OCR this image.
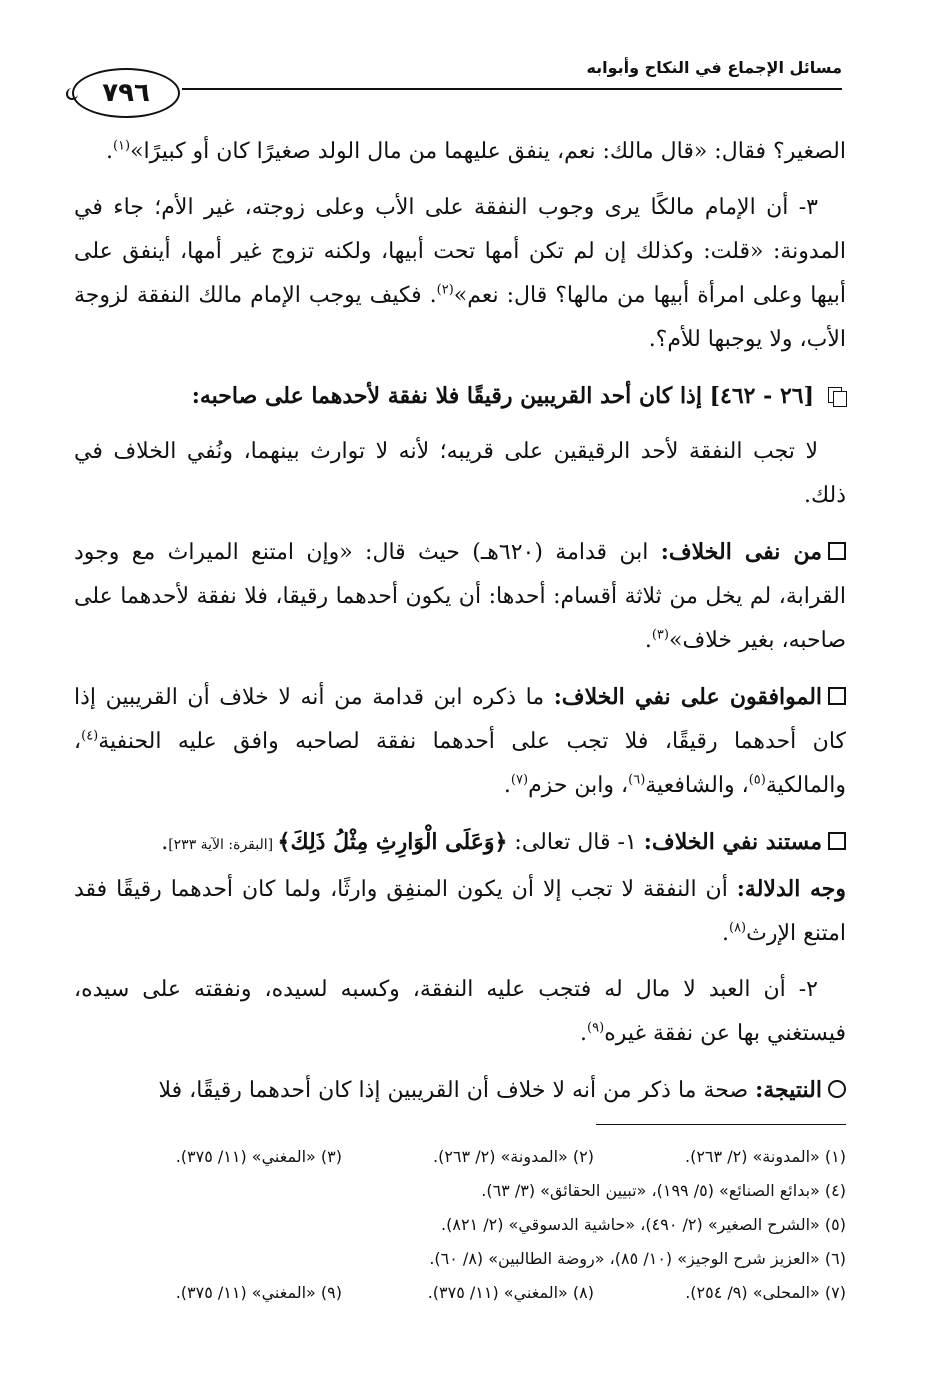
مسائل الإجماع في النكاح وأبوابه
٧٩٦

الصغير؟ فقال: «قال مالك: نعم، ينفق عليهما من مال الولد صغيرًا كان أو كبيرًا»$^{(١)}$.

٣- أن الإمام مالكًا يرى وجوب النفقة على الأب وعلى زوجته، غير الأم؛ جاء في المدونة: «قلت: وكذلك إن لم تكن أمها تحت أبيها، ولكنه تزوج غير أمها، أينفق على أبيها وعلى امرأة أبيها من مالها؟ قال: نعم»$^{(٢)}$. فكيف يوجب الإمام مالك النفقة لزوجة الأب، ولا يوجبها للأم؟.

[٢٦ - ٤٦٢] إذا كان أحد القريبين رقيقًا فلا نفقة لأحدهما على صاحبه:

لا تجب النفقة لأحد الرقيقين على قريبه؛ لأنه لا توارث بينهما، ونُفي الخلاف في ذلك.

من نفى الخلاف: ابن قدامة (٦٢٠هـ) حيث قال: «وإن امتنع الميراث مع وجود القرابة، لم يخل من ثلاثة أقسام: أحدها: أن يكون أحدهما رقيقا، فلا نفقة لأحدهما على صاحبه، بغير خلاف»$^{(٣)}$.

الموافقون على نفي الخلاف: ما ذكره ابن قدامة من أنه لا خلاف أن القريبين إذا كان أحدهما رقيقًا، فلا تجب على أحدهما نفقة لصاحبه وافق عليه الحنفية$^{(٤)}$، والمالكية$^{(٥)}$، والشافعية$^{(٦)}$، وابن حزم$^{(٧)}$.

مستند نفي الخلاف: ١- قال تعالى: ﴿وَعَلَى الْوَارِثِ مِثْلُ ذَلِكَ﴾ [البقرة: الآية ٢٣٣].

وجه الدلالة: أن النفقة لا تجب إلا أن يكون المنفِق وارثًا، ولما كان أحدهما رقيقًا فقد امتنع الإرث$^{(٨)}$.

٢- أن العبد لا مال له فتجب عليه النفقة، وكسبه لسيده، ونفقته على سيده، فيستغني بها عن نفقة غيره$^{(٩)}$.

النتيجة: صحة ما ذكر من أنه لا خلاف أن القريبين إذا كان أحدهما رقيقًا، فلا

(١) «المدونة» (٢/ ٢٦٣).
(٢) «المدونة» (٢/ ٢٦٣).
(٣) «المغني» (١١/ ٣٧٥).
(٤) «بدائع الصنائع» (٥/ ١٩٩)، «تبيين الحقائق» (٣/ ٦٣).
(٥) «الشرح الصغير» (٢/ ٤٩٠)، «حاشية الدسوقي» (٢/ ٨٢١).
(٦) «العزيز شرح الوجيز» (١٠/ ٨٥)، «روضة الطالبين» (٨/ ٦٠).
(٧) «المحلى» (٩/ ٢٥٤).
(٨) «المغني» (١١/ ٣٧٥).
(٩) «المغني» (١١/ ٣٧٥).
